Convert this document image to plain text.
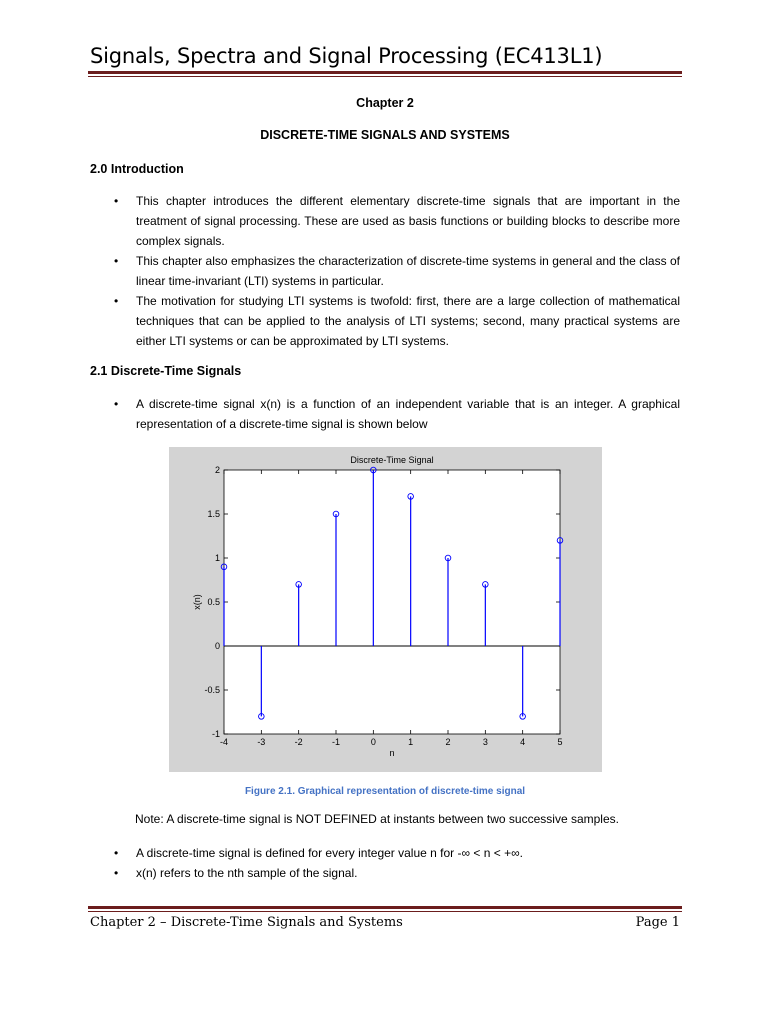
Signals, Spectra and Signal Processing (EC413L1)
Chapter 2
DISCRETE-TIME SIGNALS AND SYSTEMS
2.0 Introduction
• This chapter introduces the different elementary discrete-time signals that are important in the treatment of signal processing. These are used as basis functions or building blocks to describe more complex signals.
• This chapter also emphasizes the characterization of discrete-time systems in general and the class of linear time-invariant (LTI) systems in particular.
• The motivation for studying LTI systems is twofold: first, there are a large collection of mathematical techniques that can be applied to the analysis of LTI systems; second, many practical systems are either LTI systems or can be approximated by LTI systems.
2.1 Discrete-Time Signals
• A discrete-time signal x(n) is a function of an independent variable that is an integer. A graphical representation of a discrete-time signal is shown below
Discrete-Time Signal
n
x(n)
-4	-3	-2	-1	0	1	2	3	4	5
2
1.5
1
0.5
0
-0.5
-1
Figure 2.1. Graphical representation of discrete-time signal
Note: A discrete-time signal is NOT DEFINED at instants between two successive samples.
• A discrete-time signal is defined for every integer value n for -∞ < n < +∞.
• x(n) refers to the nth sample of the signal.
Chapter 2 – Discrete-Time Signals and Systems	Page 1
